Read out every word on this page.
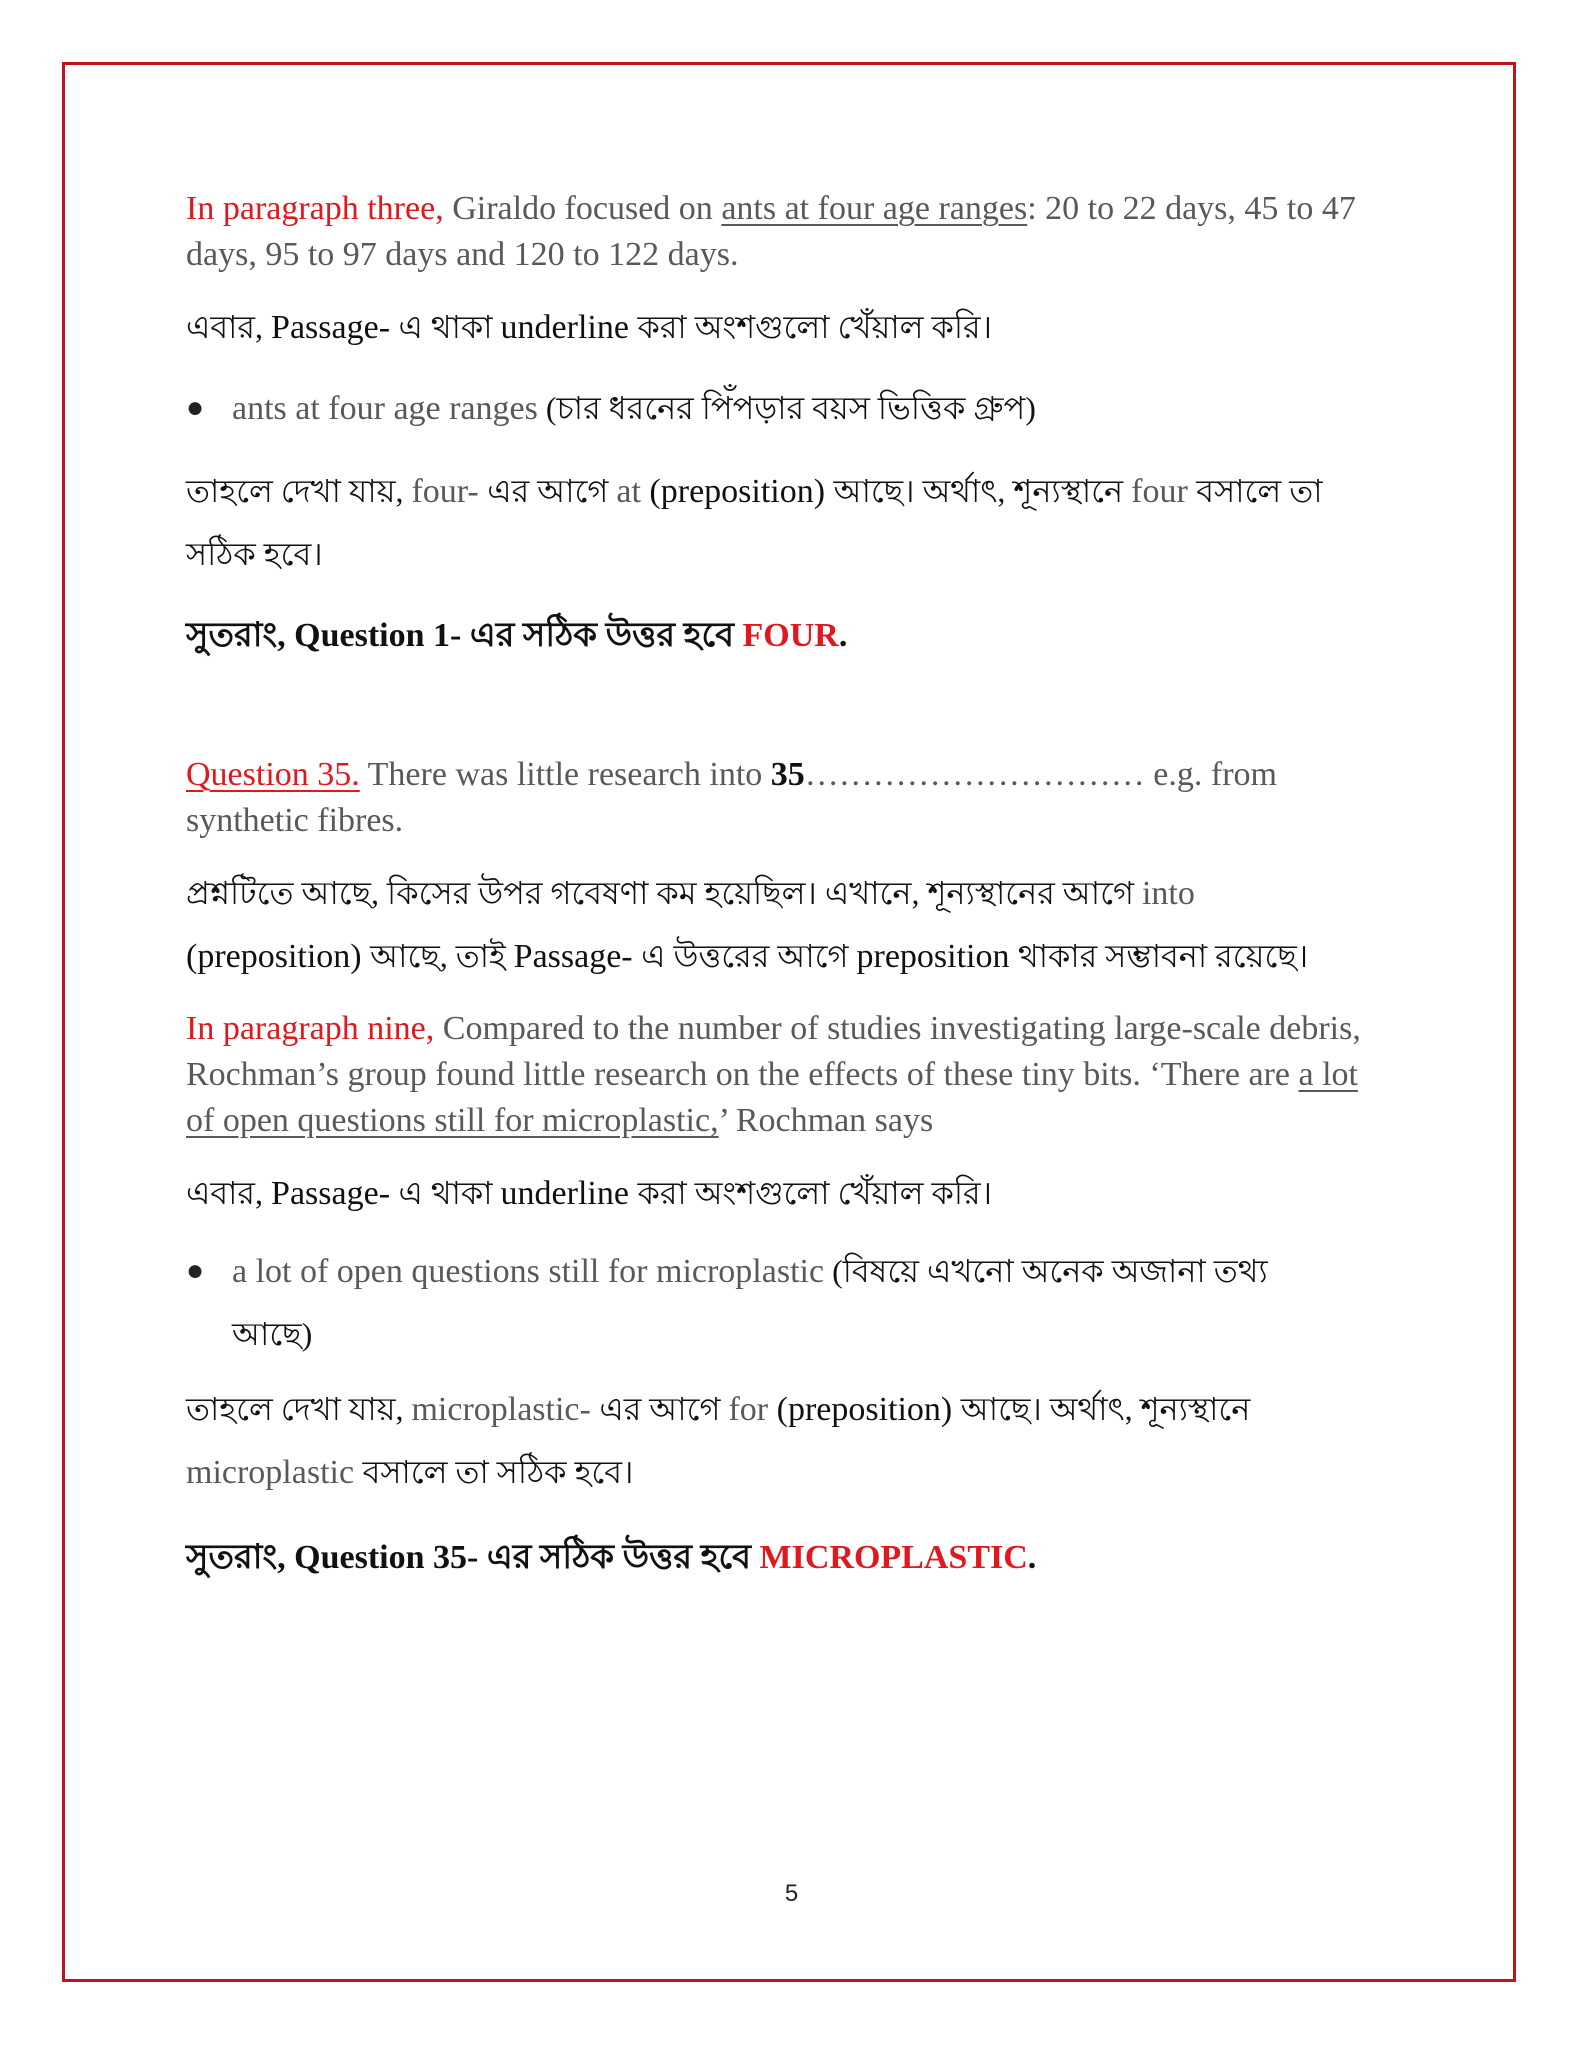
In paragraph three, Giraldo focused on ants at four age ranges: 20 to 22 days, 45 to 47 days, 95 to 97 days and 120 to 122 days.

এবার, Passage- এ থাকা underline করা অংশগুলো খেঁয়াল করি।

● ants at four age ranges (চার ধরনের পিঁপড়ার বয়স ভিত্তিক গ্রুপ)

তাহলে দেখা যায়, four- এর আগে at (preposition) আছে। অর্থাৎ, শূন্যস্থানে four বসালে তা সঠিক হবে।

সুতরাং, Question 1- এর সঠিক উত্তর হবে FOUR.

Question 35. There was little research into 35………………………… e.g. from synthetic fibres.

প্রশ্নটিতে আছে, কিসের উপর গবেষণা কম হয়েছিল। এখানে, শূন্যস্থানের আগে into
(preposition) আছে, তাই Passage- এ উত্তরের আগে preposition থাকার সম্ভাবনা রয়েছে।

In paragraph nine, Compared to the number of studies investigating large-scale debris, Rochman’s group found little research on the effects of these tiny bits. ‘There are a lot of open questions still for microplastic,’ Rochman says

এবার, Passage- এ থাকা underline করা অংশগুলো খেঁয়াল করি।

● a lot of open questions still for microplastic (বিষয়ে এখনো অনেক অজানা তথ্য আছে)

তাহলে দেখা যায়, microplastic- এর আগে for (preposition) আছে। অর্থাৎ, শূন্যস্থানে
microplastic বসালে তা সঠিক হবে।

সুতরাং, Question 35- এর সঠিক উত্তর হবে MICROPLASTIC.

5
